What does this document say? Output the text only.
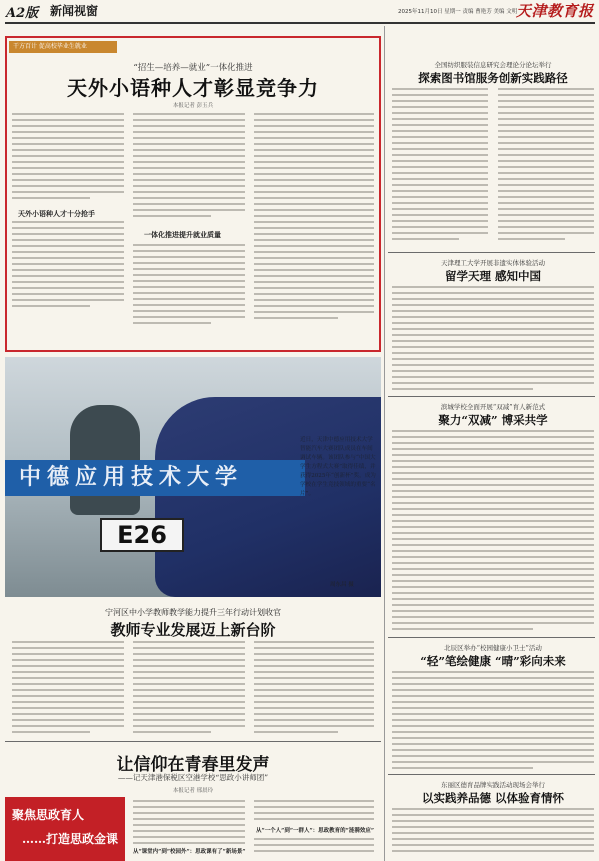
A2版 新闻视窗	2025年11月10日 星期一 责编 曹艳芳 美编 文明
天津教育报
干方百计 促高校毕业生就业
“招生—培养—就业”一体化推进
天外小语种人才彰显竞争力
本报记者 彭玉兵
天外小语种人才十分抢手
一体化推进提升就业质量
中德应用技术大学
E26
近日，天津中德应用技术大学智能汽车大赛团队成员在车间调试车辆。该团队参与“中国大学生方程式大赛”取得佳绩，并获得2025年“创新杯”奖，成为学校在学生竞技领域的重要“名片”。
周东昌 摄
宁河区中小学教师教学能力提升三年行动计划收官
教师专业发展迈上新台阶
让信仰在青春里发声
——记天津港保税区空港学校“思政小讲师团”
本报记者 邢晨玲
从“课堂内”到“校园外”：思政课有了“新场景”
从“一个人”到“一群人”：思政教育的“涟漪效应”
聚焦思政育人
……打造思政金课
全国纺织服装信息研究会理论分论坛举行
探索图书馆服务创新实践路径
天津理工大学开展非遗实体体验活动
留学天理 感知中国
滨城学校全面开展“双减”育人新范式
聚力“双减” 博采共学
北辰区举办“校园健康小卫士”活动
“轻”笔绘健康 “晴”彩向未来
东丽区德育品牌实践活动现场会举行
以实践养品德 以体验育情怀
